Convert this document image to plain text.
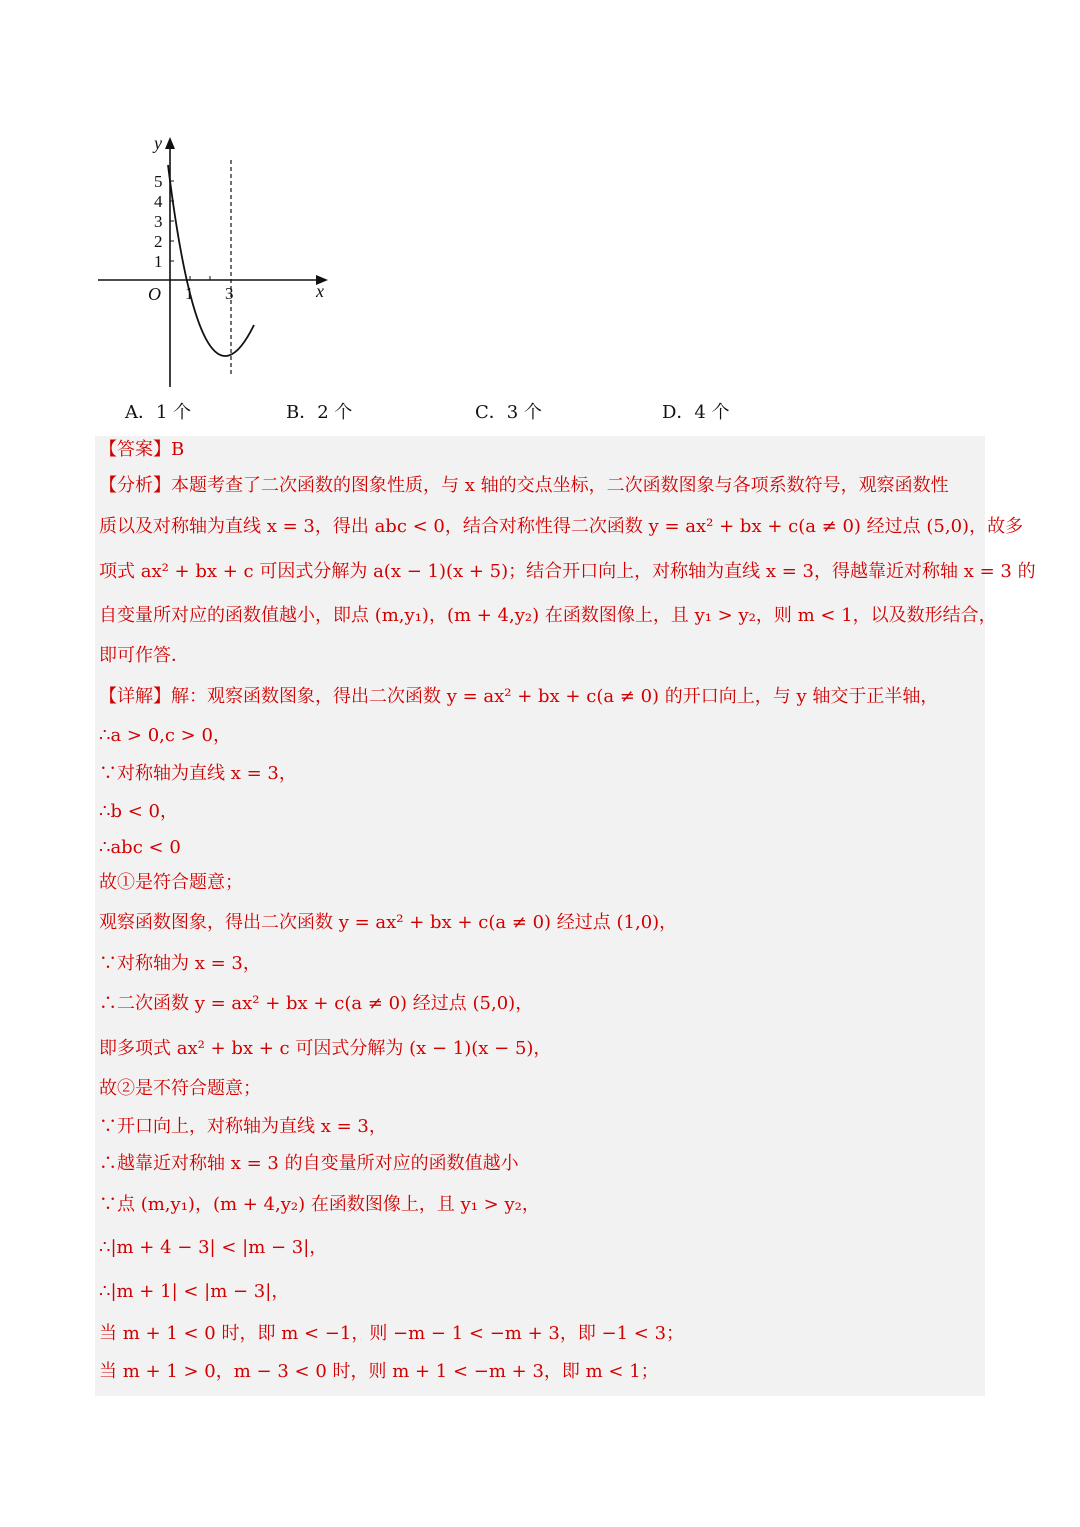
y
x
O
5
4
3
2
1
1 3
A．1 个	B．2 个	C．3 个	D．4 个
【答案】B
【分析】本题考查了二次函数的图象性质，与 x 轴的交点坐标，二次函数图象与各项系数符号，观察函数性
质以及对称轴为直线 x = 3，得出 abc < 0，结合对称性得二次函数 y = ax² + bx + c(a ≠ 0) 经过点 (5,0)，故多
项式 ax² + bx + c 可因式分解为 a(x − 1)(x + 5)；结合开口向上，对称轴为直线 x = 3，得越靠近对称轴 x = 3 的
自变量所对应的函数值越小，即点 (m,y₁)，(m + 4,y₂) 在函数图像上，且 y₁ > y₂，则 m < 1，以及数形结合，
即可作答．
【详解】解：观察函数图象，得出二次函数 y = ax² + bx + c(a ≠ 0) 的开口向上，与 y 轴交于正半轴，
∴a > 0,c > 0，
∵对称轴为直线 x = 3，
∴b < 0，
∴abc < 0
故①是符合题意；
观察函数图象，得出二次函数 y = ax² + bx + c(a ≠ 0) 经过点 (1,0)，
∵对称轴为 x = 3，
∴二次函数 y = ax² + bx + c(a ≠ 0) 经过点 (5,0)，
即多项式 ax² + bx + c 可因式分解为 (x − 1)(x − 5)，
故②是不符合题意；
∵开口向上，对称轴为直线 x = 3，
∴越靠近对称轴 x = 3 的自变量所对应的函数值越小
∵点 (m,y₁)，(m + 4,y₂) 在函数图像上，且 y₁ > y₂，
∴|m + 4 − 3| < |m − 3|，
∴|m + 1| < |m − 3|，
当 m + 1 < 0 时，即 m < −1，则 −m − 1 < −m + 3，即 −1 < 3；
当 m + 1 > 0，m − 3 < 0 时，则 m + 1 < −m + 3，即 m < 1；
